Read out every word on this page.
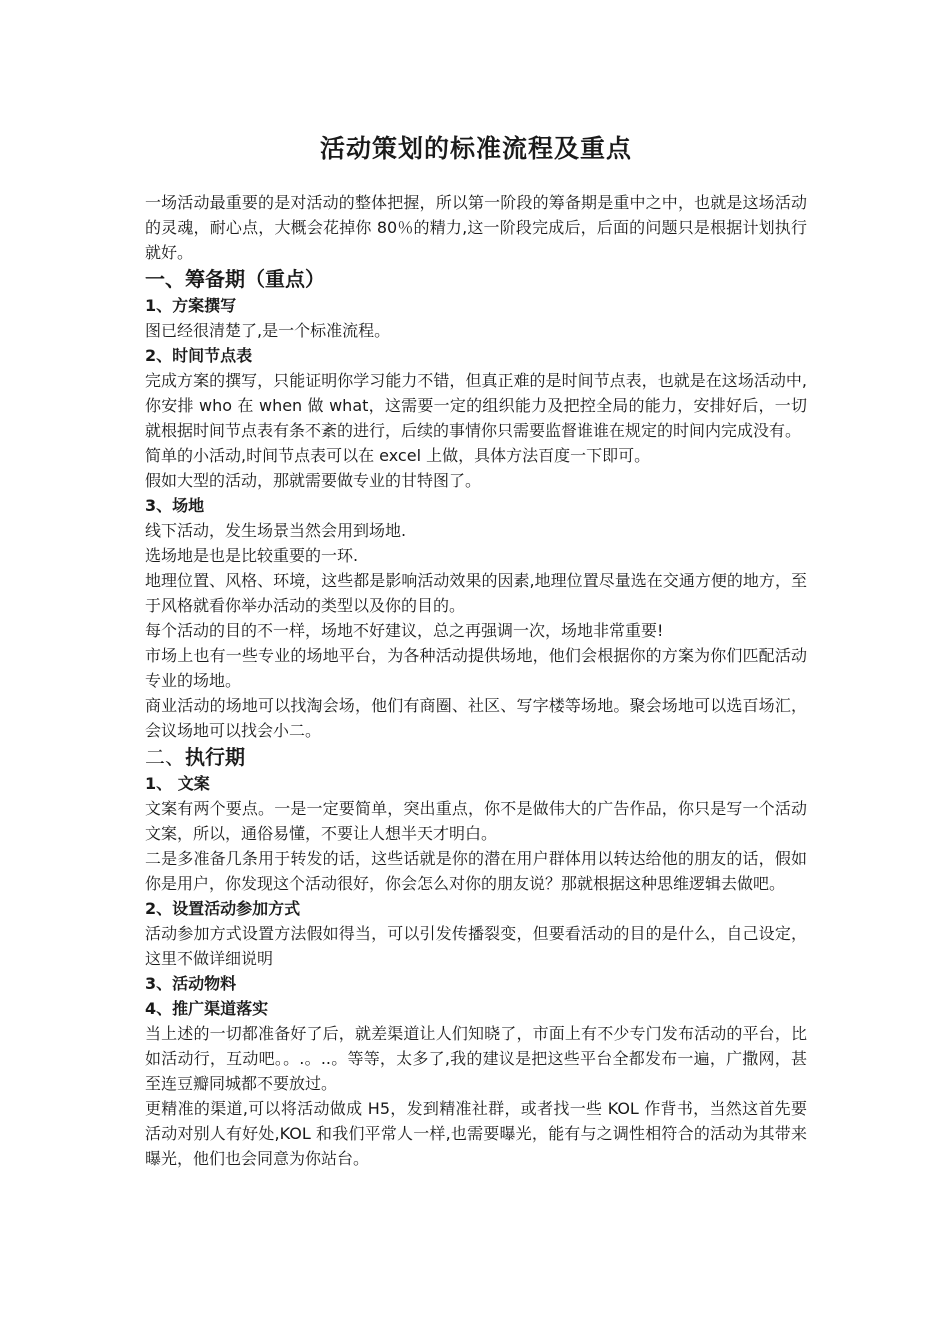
活动策划的标准流程及重点

一场活动最重要的是对活动的整体把握，所以第一阶段的筹备期是重中之中，也就是这场活动的灵魂，耐心点，大概会花掉你 80％的精力,这一阶段完成后，后面的问题只是根据计划执行就好。

一、筹备期（重点）
1、方案撰写

图已经很清楚了,是一个标准流程。

2、时间节点表

完成方案的撰写，只能证明你学习能力不错，但真正难的是时间节点表，也就是在这场活动中,你安排 who 在 when 做 what，这需要一定的组织能力及把控全局的能力，安排好后，一切就根据时间节点表有条不紊的进行，后续的事情你只需要监督谁谁在规定的时间内完成没有。

简单的小活动,时间节点表可以在 excel 上做，具体方法百度一下即可。

假如大型的活动，那就需要做专业的甘特图了。

3、场地

线下活动，发生场景当然会用到场地.

选场地是也是比较重要的一环.

地理位置、风格、环境，这些都是影响活动效果的因素,地理位置尽量选在交通方便的地方，至于风格就看你举办活动的类型以及你的目的。

每个活动的目的不一样，场地不好建议，总之再强调一次，场地非常重要!

市场上也有一些专业的场地平台，为各种活动提供场地，他们会根据你的方案为你们匹配活动专业的场地。

商业活动的场地可以找淘会场，他们有商圈、社区、写字楼等场地。聚会场地可以选百场汇，会议场地可以找会小二。

二、执行期
1、 文案

文案有两个要点。一是一定要简单，突出重点，你不是做伟大的广告作品，你只是写一个活动文案，所以，通俗易懂，不要让人想半天才明白。

二是多准备几条用于转发的话，这些话就是你的潜在用户群体用以转达给他的朋友的话，假如你是用户，你发现这个活动很好，你会怎么对你的朋友说？那就根据这种思维逻辑去做吧。

2、设置活动参加方式

活动参加方式设置方法假如得当，可以引发传播裂变，但要看活动的目的是什么，自己设定，这里不做详细说明

3、活动物料
4、推广渠道落实

当上述的一切都准备好了后，就差渠道让人们知晓了，市面上有不少专门发布活动的平台，比如活动行，互动吧。。.。..。等等，太多了,我的建议是把这些平台全都发布一遍，广撒网，甚至连豆瓣同城都不要放过。

更精准的渠道,可以将活动做成 H5，发到精准社群，或者找一些 KOL 作背书，当然这首先要活动对别人有好处,KOL 和我们平常人一样,也需要曝光，能有与之调性相符合的活动为其带来曝光，他们也会同意为你站台。
